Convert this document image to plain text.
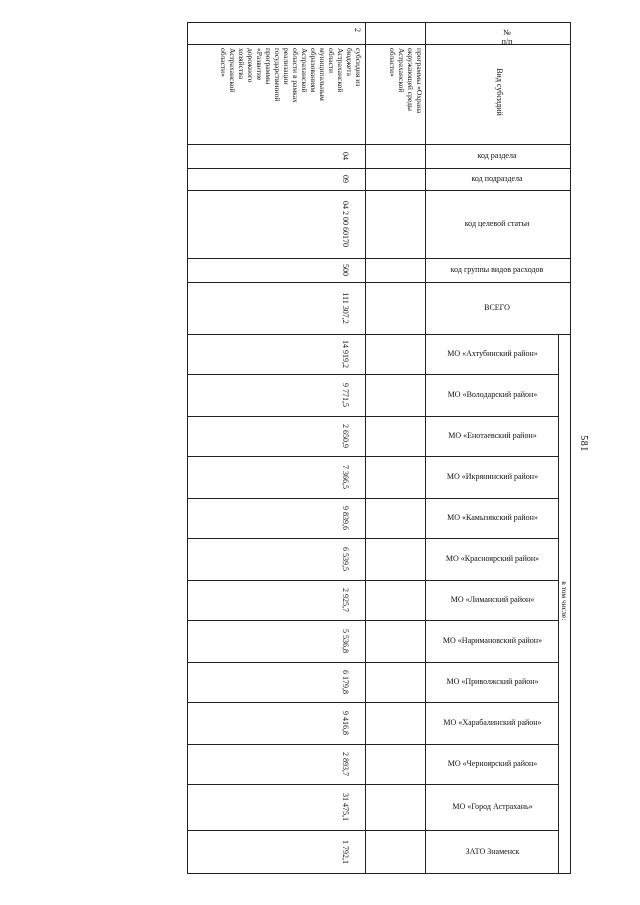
581
№
п/п
Вид субсидий
код раздела
код подраздела
код целевой статьи
код группы видов расходов
ВСЕГО
в том числе:
МО «Ахтубинский район»
МО «Володарский район»
МО «Енотаевский район»
МО «Икрянинский район»
МО «Камызякский район»
МО «Красноярский район»
МО «Лиманский район»
МО «Наримановский район»
МО «Приволжский район»
МО «Харабалинский район»
МО «Черноярский район»
МО «Город Астрахань»
ЗАТО Знаменск
2
программы «Охрана
окружающей среды
Астраханской
области»
субсидия из
бюджета
Астраханской
области
муниципальным
образованиям
Астраханской
области в рамках
реализации
государственной
программы
«Развитие
дорожного
хозяйства
Астраханской
области»
04
09
04 2 00 60170
500
111 307,2
14 919,2
9 771,5
2 650,9
7 366,5
9 839,6
6 539,5
2 925,7
5 536,8
6 179,8
9 416,8
2 893,7
31 475,1
1 792,1
